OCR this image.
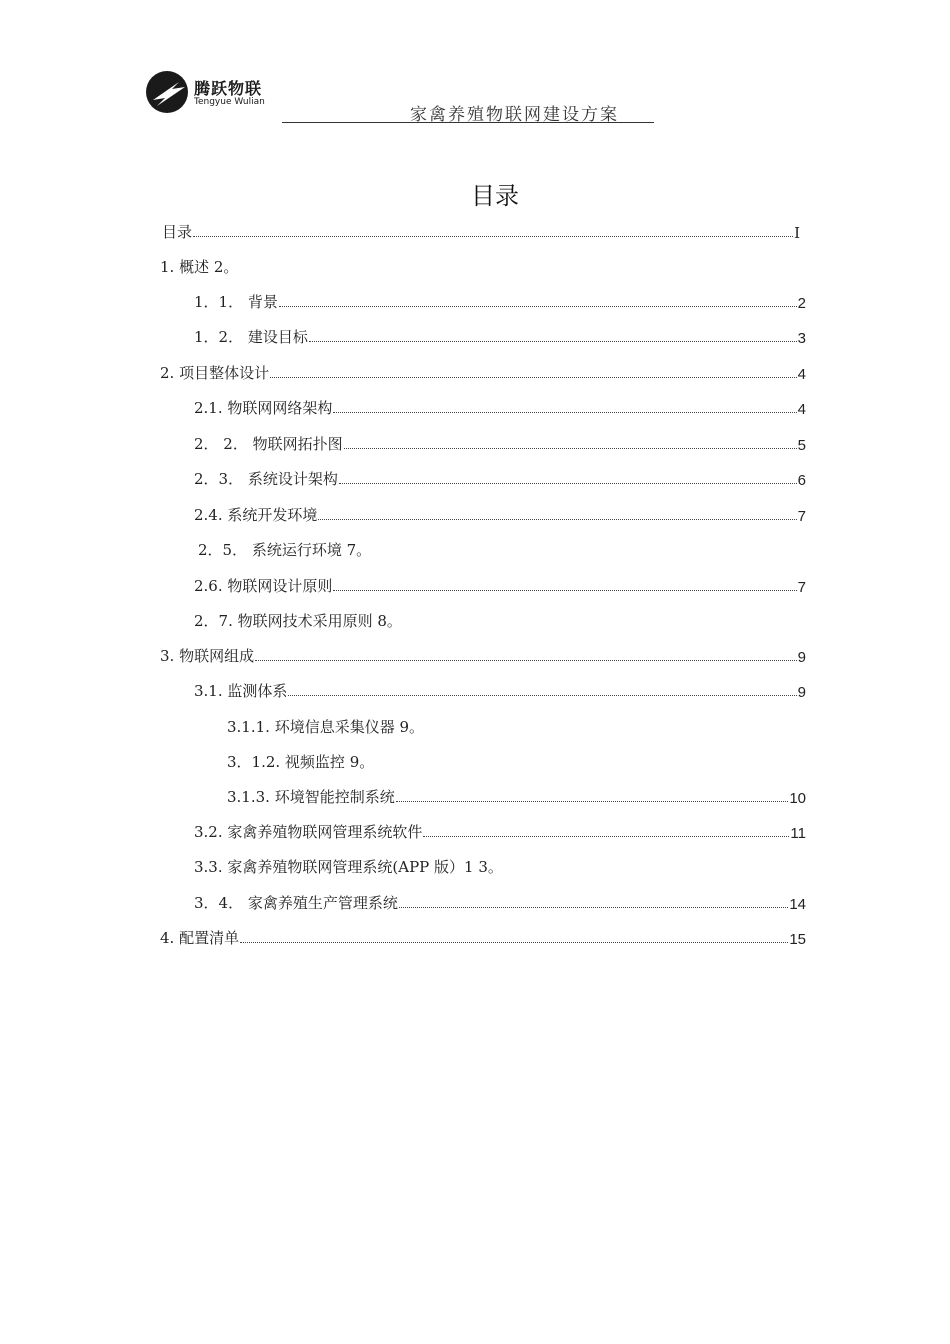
腾跃物联
Tengyue Wulian
家禽养殖物联网建设方案
目录
目录	I
1. 概述 2。
1．1． 背景	2
1．2． 建设目标	3
2. 项目整体设计	4
2.1. 物联网网络架构	4
2． 2． 物联网拓扑图	5
2．3． 系统设计架构	6
2.4. 系统开发环境	7
2．5． 系统运行环境 7。
2.6. 物联网设计原则	7
2．7. 物联网技术采用原则 8。
3. 物联网组成	9
3.1. 监测体系	9
3.1.1. 环境信息采集仪器 9。
3．1.2. 视频监控 9。
3.1.3. 环境智能控制系统	10
3.2. 家禽养殖物联网管理系统软件	11
3.3. 家禽养殖物联网管理系统(APP 版）1 3。
3．4． 家禽养殖生产管理系统	14
4. 配置清单	15
